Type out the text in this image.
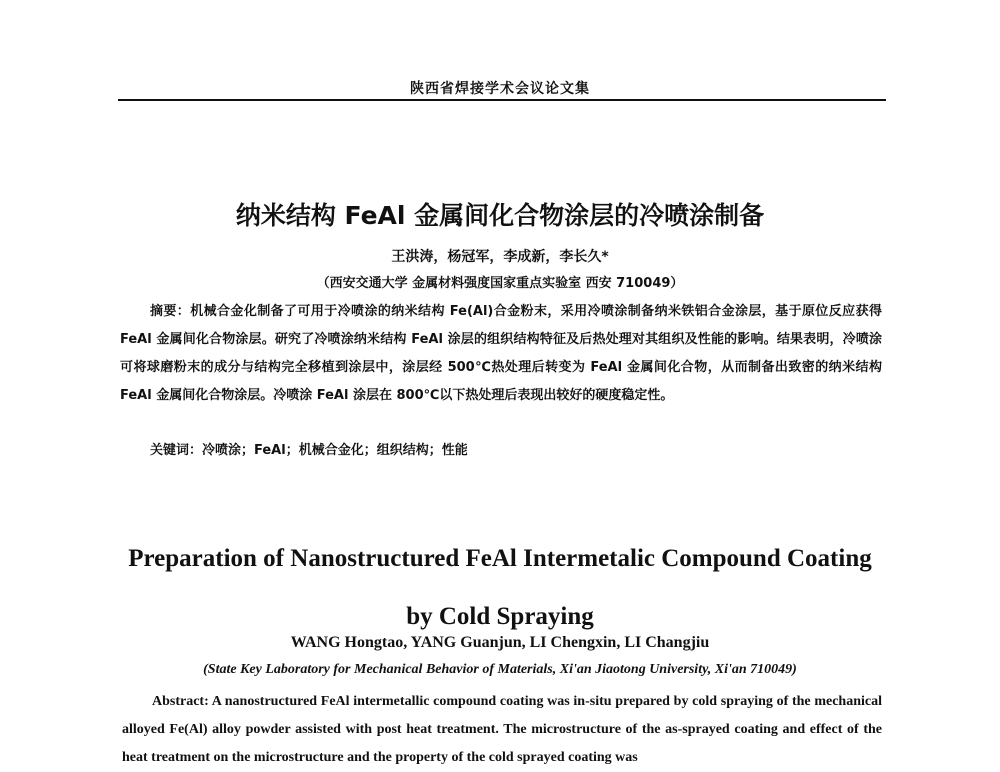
陕西省焊接学术会议论文集
纳米结构 FeAl 金属间化合物涂层的冷喷涂制备
王洪涛，杨冠军，李成新，李长久*
（西安交通大学 金属材料强度国家重点实验室 西安 710049）
摘要：机械合金化制备了可用于冷喷涂的纳米结构 Fe(Al)合金粉末，采用冷喷涂制备纳米铁铝合金涂层，基于原位反应获得 FeAl 金属间化合物涂层。研究了冷喷涂纳米结构 FeAl 涂层的组织结构特征及后热处理对其组织及性能的影响。结果表明，冷喷涂可将球磨粉末的成分与结构完全移植到涂层中，涂层经 500℃热处理后转变为 FeAl 金属间化合物，从而制备出致密的纳米结构 FeAl 金属间化合物涂层。冷喷涂 FeAl 涂层在 800℃以下热处理后表现出较好的硬度稳定性。
关键词：冷喷涂；FeAl；机械合金化；组织结构；性能
Preparation of Nanostructured FeAl Intermetalic Compound Coating
by Cold Spraying
WANG Hongtao, YANG Guanjun, LI Chengxin, LI Changjiu
(State Key Laboratory for Mechanical Behavior of Materials, Xi'an Jiaotong University, Xi'an 710049)
Abstract: A nanostructured FeAl intermetallic compound coating was in-situ prepared by cold spraying of the mechanical alloyed Fe(Al) alloy powder assisted with post heat treatment. The microstructure of the as-sprayed coating and effect of the heat treatment on the microstructure and the property of the cold sprayed coating was
